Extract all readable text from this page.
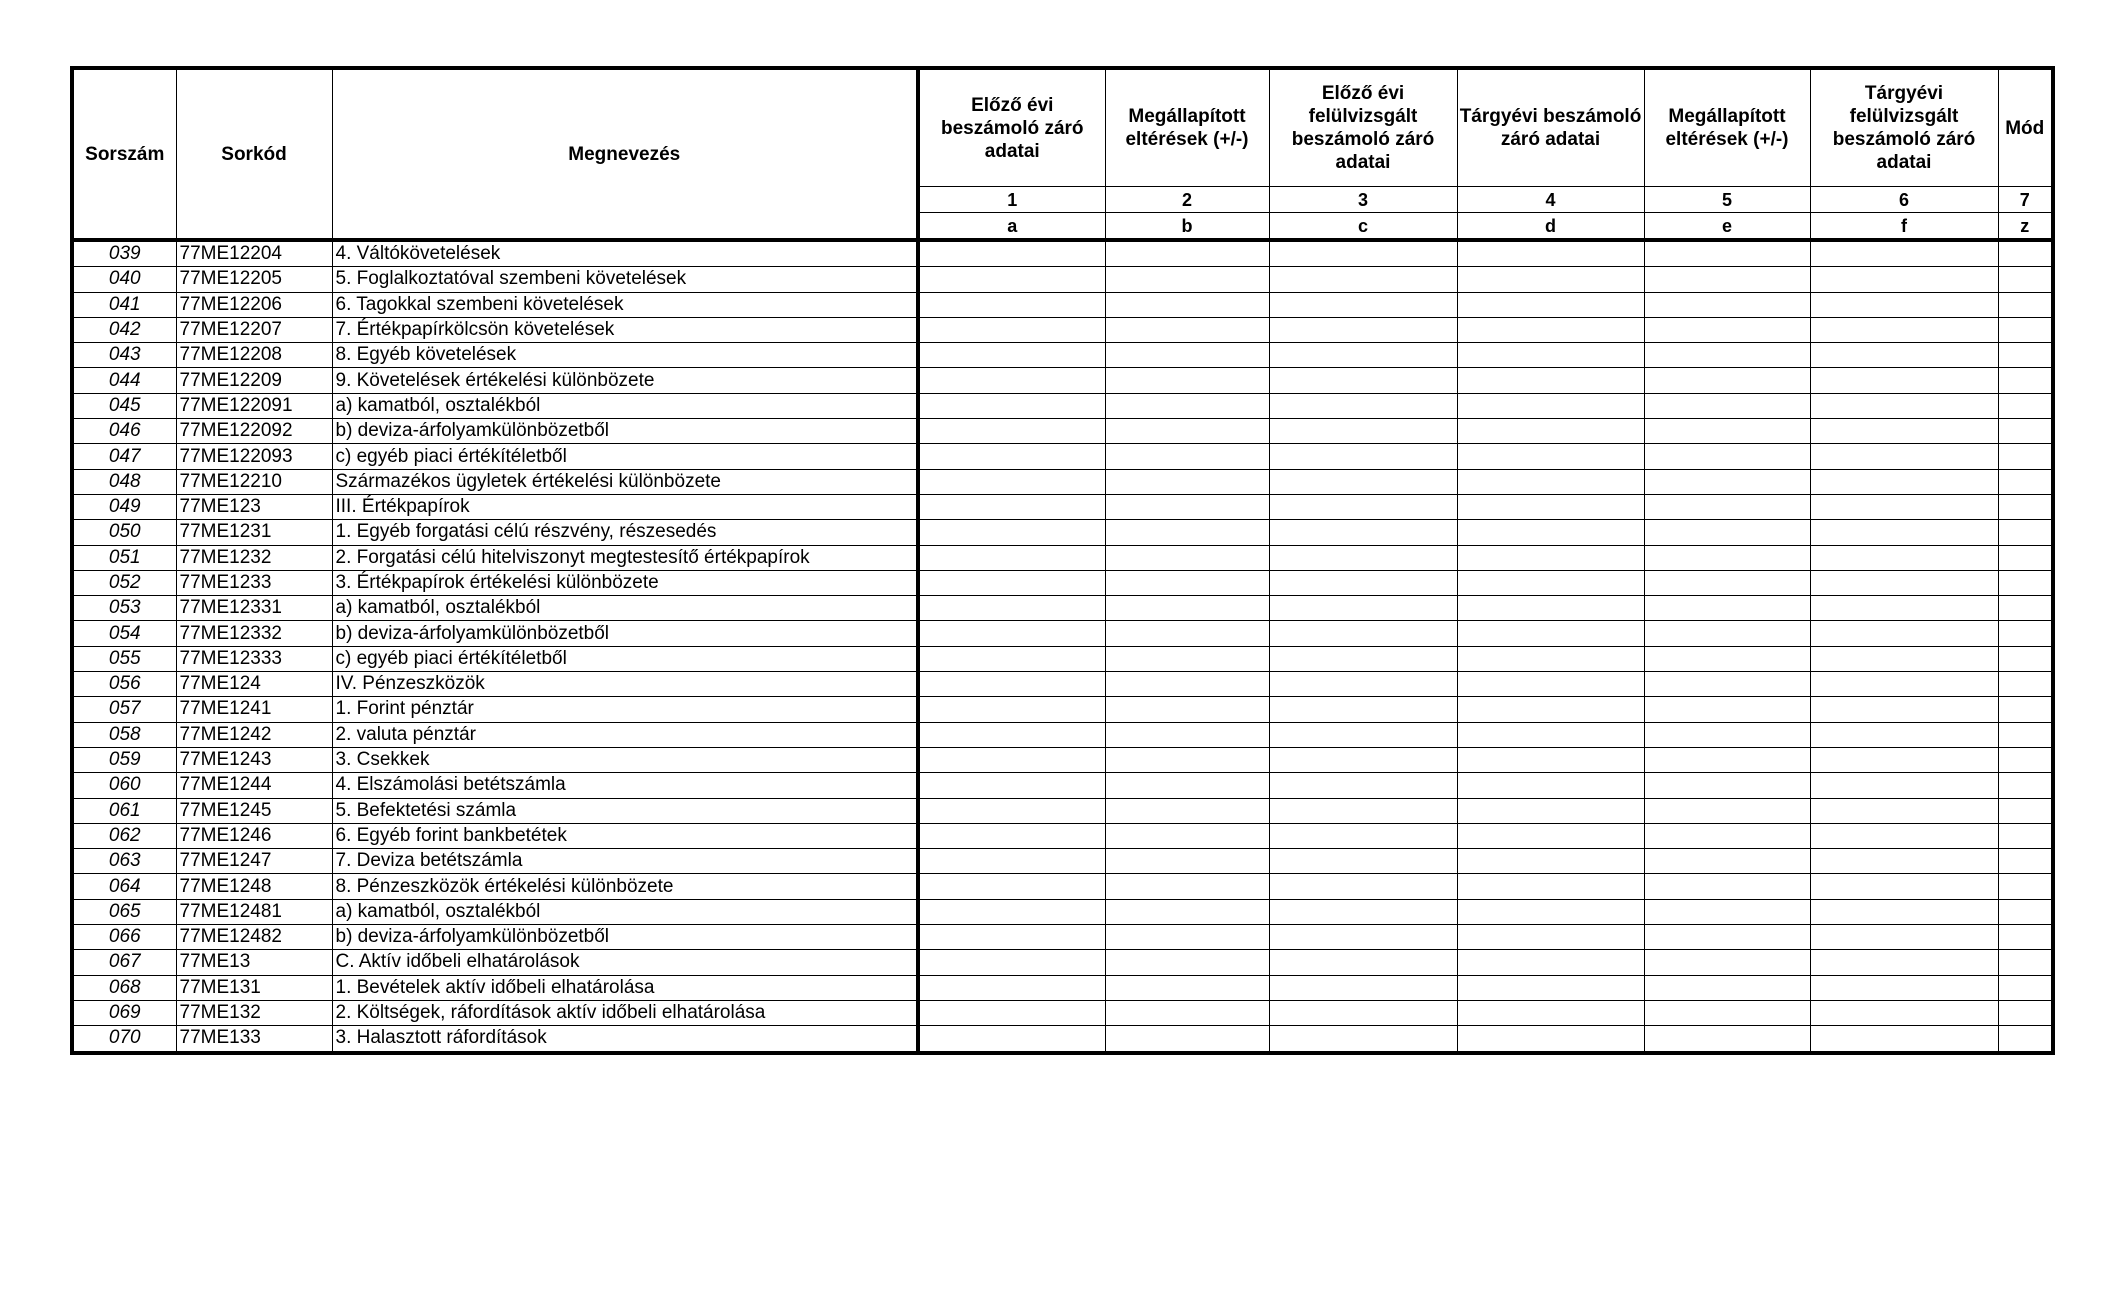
Sorszám	Sorkód	Megnevezés	Előző évi beszámoló záró adatai	Megállapított eltérések (+/-)	Előző évi felülvizsgált beszámoló záró adatai	Tárgyévi beszámoló záró adatai	Megállapított eltérések (+/-)	Tárgyévi felülvizsgált beszámoló záró adatai	Mód
			1	2	3	4	5	6	7
			a	b	c	d	e	f	z
039	77ME12204	4. Váltókövetelések							
040	77ME12205	5. Foglalkoztatóval szembeni követelések							
041	77ME12206	6. Tagokkal szembeni követelések							
042	77ME12207	7. Értékpapírkölcsön követelések							
043	77ME12208	8. Egyéb követelések							
044	77ME12209	9. Követelések értékelési különbözete							
045	77ME122091	a) kamatból, osztalékból							
046	77ME122092	b) deviza-árfolyamkülönbözetből							
047	77ME122093	c) egyéb piaci értékítéletből							
048	77ME12210	Származékos ügyletek értékelési különbözete							
049	77ME123	III. Értékpapírok							
050	77ME1231	1. Egyéb forgatási célú részvény, részesedés							
051	77ME1232	2. Forgatási célú hitelviszonyt megtestesítő értékpapírok							
052	77ME1233	3. Értékpapírok értékelési különbözete							
053	77ME12331	a) kamatból, osztalékból							
054	77ME12332	b) deviza-árfolyamkülönbözetből							
055	77ME12333	c) egyéb piaci értékítéletből							
056	77ME124	IV. Pénzeszközök							
057	77ME1241	1. Forint pénztár							
058	77ME1242	2. valuta pénztár							
059	77ME1243	3. Csekkek							
060	77ME1244	4. Elszámolási betétszámla							
061	77ME1245	5. Befektetési számla							
062	77ME1246	6. Egyéb forint bankbetétek							
063	77ME1247	7. Deviza betétszámla							
064	77ME1248	8. Pénzeszközök értékelési különbözete							
065	77ME12481	a) kamatból, osztalékból							
066	77ME12482	b) deviza-árfolyamkülönbözetből							
067	77ME13	C. Aktív időbeli elhatárolások							
068	77ME131	1. Bevételek aktív időbeli elhatárolása							
069	77ME132	2. Költségek, ráfordítások aktív időbeli elhatárolása							
070	77ME133	3. Halasztott ráfordítások							
